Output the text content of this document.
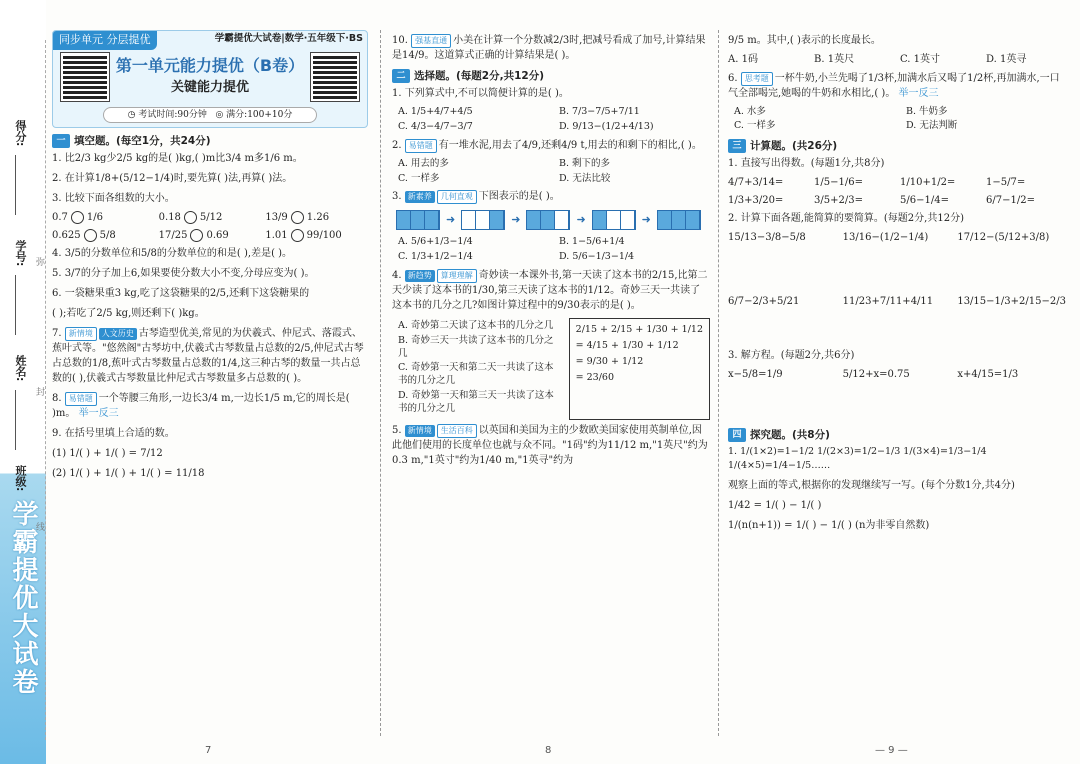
学霸提优大试卷
得分:
学号:
姓名:
班级:
弥
封
线
同步单元 分层提优	学霸提优大试卷|数学·五年级下·BS
第一单元能力提优（B卷）
关键能力提优
◷ 考试时间:90分钟 ◎ 满分:100+10分
一 填空题。(每空1分，共24分)
1. 比2/3 kg少2/5 kg的是( )kg,( )m比3/4 m多1/6 m。
2. 在计算1/8+(5/12−1/4)时,要先算( )法,再算( )法。
3. 比较下面各组数的大小。
0.7 1/6	0.18 5/12	13/9 1.26
0.625 5/8	17/25 0.69	1.01 99/100
4. 3/5的分数单位和5/8的分数单位的和是( ),差是( )。
5. 3/7的分子加上6,如果要使分数大小不变,分母应变为( )。
6. 一袋糖果重3 kg,吃了这袋糖果的2/5,还剩下这袋糖果的
( );若吃了2/5 kg,则还剩下( )kg。
7. 新情境 人文历史 古琴造型优美,常见的为伏羲式、仲尼式、落霞式、蕉叶式等。"悠然阁"古琴坊中,伏羲式古琴数量占总数的2/5,仲尼式古琴占总数的1/8,蕉叶式古琴数量占总数的1/4,这三种古琴的数量一共占总数的( ),伏羲式古琴数量比仲尼式古琴数量多占总数的( )。
8. 易错题 一个等腰三角形,一边长3/4 m,一边长1/5 m,它的周长是( )m。 举一反三
9. 在括号里填上合适的数。
(1) 1/( ) + 1/( ) = 7/12
(2) 1/( ) + 1/( ) + 1/( ) = 11/18
7
10. 强基直通 小美在计算一个分数减2/3时,把减号看成了加号,计算结果是14/9。这道算式正确的计算结果是( )。
二 选择题。(每题2分,共12分)
1. 下列算式中,不可以简便计算的是( )。
A. 1/5+4/7+4/5	B. 7/3−7/5+7/11
C. 4/3−4/7−3/7	D. 9/13−(1/2+4/13)
2. 易错题 有一堆水泥,用去了4/9,还剩4/9 t,用去的和剩下的相比,( )。
A. 用去的多	B. 剩下的多
C. 一样多	D. 无法比较
3. 新素养 几何直观 下图表示的是( )。
➜	➜	➜	➜
A. 5/6+1/3−1/4	B. 1−5/6+1/4
C. 1/3+1/2−1/4	D. 5/6−1/3−1/4
4. 新趋势 算理理解 奇妙读一本课外书,第一天读了这本书的2/15,比第二天少读了这本书的1/30,第三天读了这本书的1/12。奇妙三天一共读了这本书的几分之几?如图计算过程中的9/30表示的是( )。
A. 奇妙第二天读了这本书的几分之几
B. 奇妙三天一共读了这本书的几分之几
C. 奇妙第一天和第二天一共读了这本书的几分之几
D. 奇妙第一天和第三天一共读了这本书的几分之几
2/15 + 2/15 + 1/30 + 1/12
= 4/15 + 1/30 + 1/12
= 9/30 + 1/12
= 23/60
5. 新情境 生活百科 以英国和美国为主的少数欧美国家使用英制单位,因此他们使用的长度单位也就与众不同。"1码"约为11/12 m,"1英尺"约为0.3 m,"1英寸"约为1/40 m,"1英寻"约为
8
9/5 m。其中,( )表示的长度最长。
A. 1码	B. 1英尺	C. 1英寸	D. 1英寻
6. 思考题 一杯牛奶,小兰先喝了1/3杯,加满水后又喝了1/2杯,再加满水,一口气全部喝完,她喝的牛奶和水相比,( )。 举一反三
A. 水多	B. 牛奶多
C. 一样多	D. 无法判断
三 计算题。(共26分)
1. 直接写出得数。(每题1分,共8分)
4/7+3/14=	1/5−1/6=	1/10+1/2=	1−5/7=
1/3+3/20=	3/5+2/3=	5/6−1/4=	6/7−1/2=
2. 计算下面各题,能简算的要简算。(每题2分,共12分)
15/13−3/8−5/8	13/16−(1/2−1/4)	17/12−(5/12+3/8)
6/7−2/3+5/21	11/23+7/11+4/11	13/15−1/3+2/15−2/3
3. 解方程。(每题2分,共6分)
x−5/8=1/9	5/12+x=0.75	x+4/15=1/3
四 探究题。(共8分)
1. 1/(1×2)=1−1/2 1/(2×3)=1/2−1/3 1/(3×4)=1/3−1/4 1/(4×5)=1/4−1/5……
观察上面的等式,根据你的发现继续写一写。(每个分数1分,共4分)
1/42 = 1/( ) − 1/( )
1/(n(n+1)) = 1/( ) − 1/( ) (n为非零自然数)
— 9 —
